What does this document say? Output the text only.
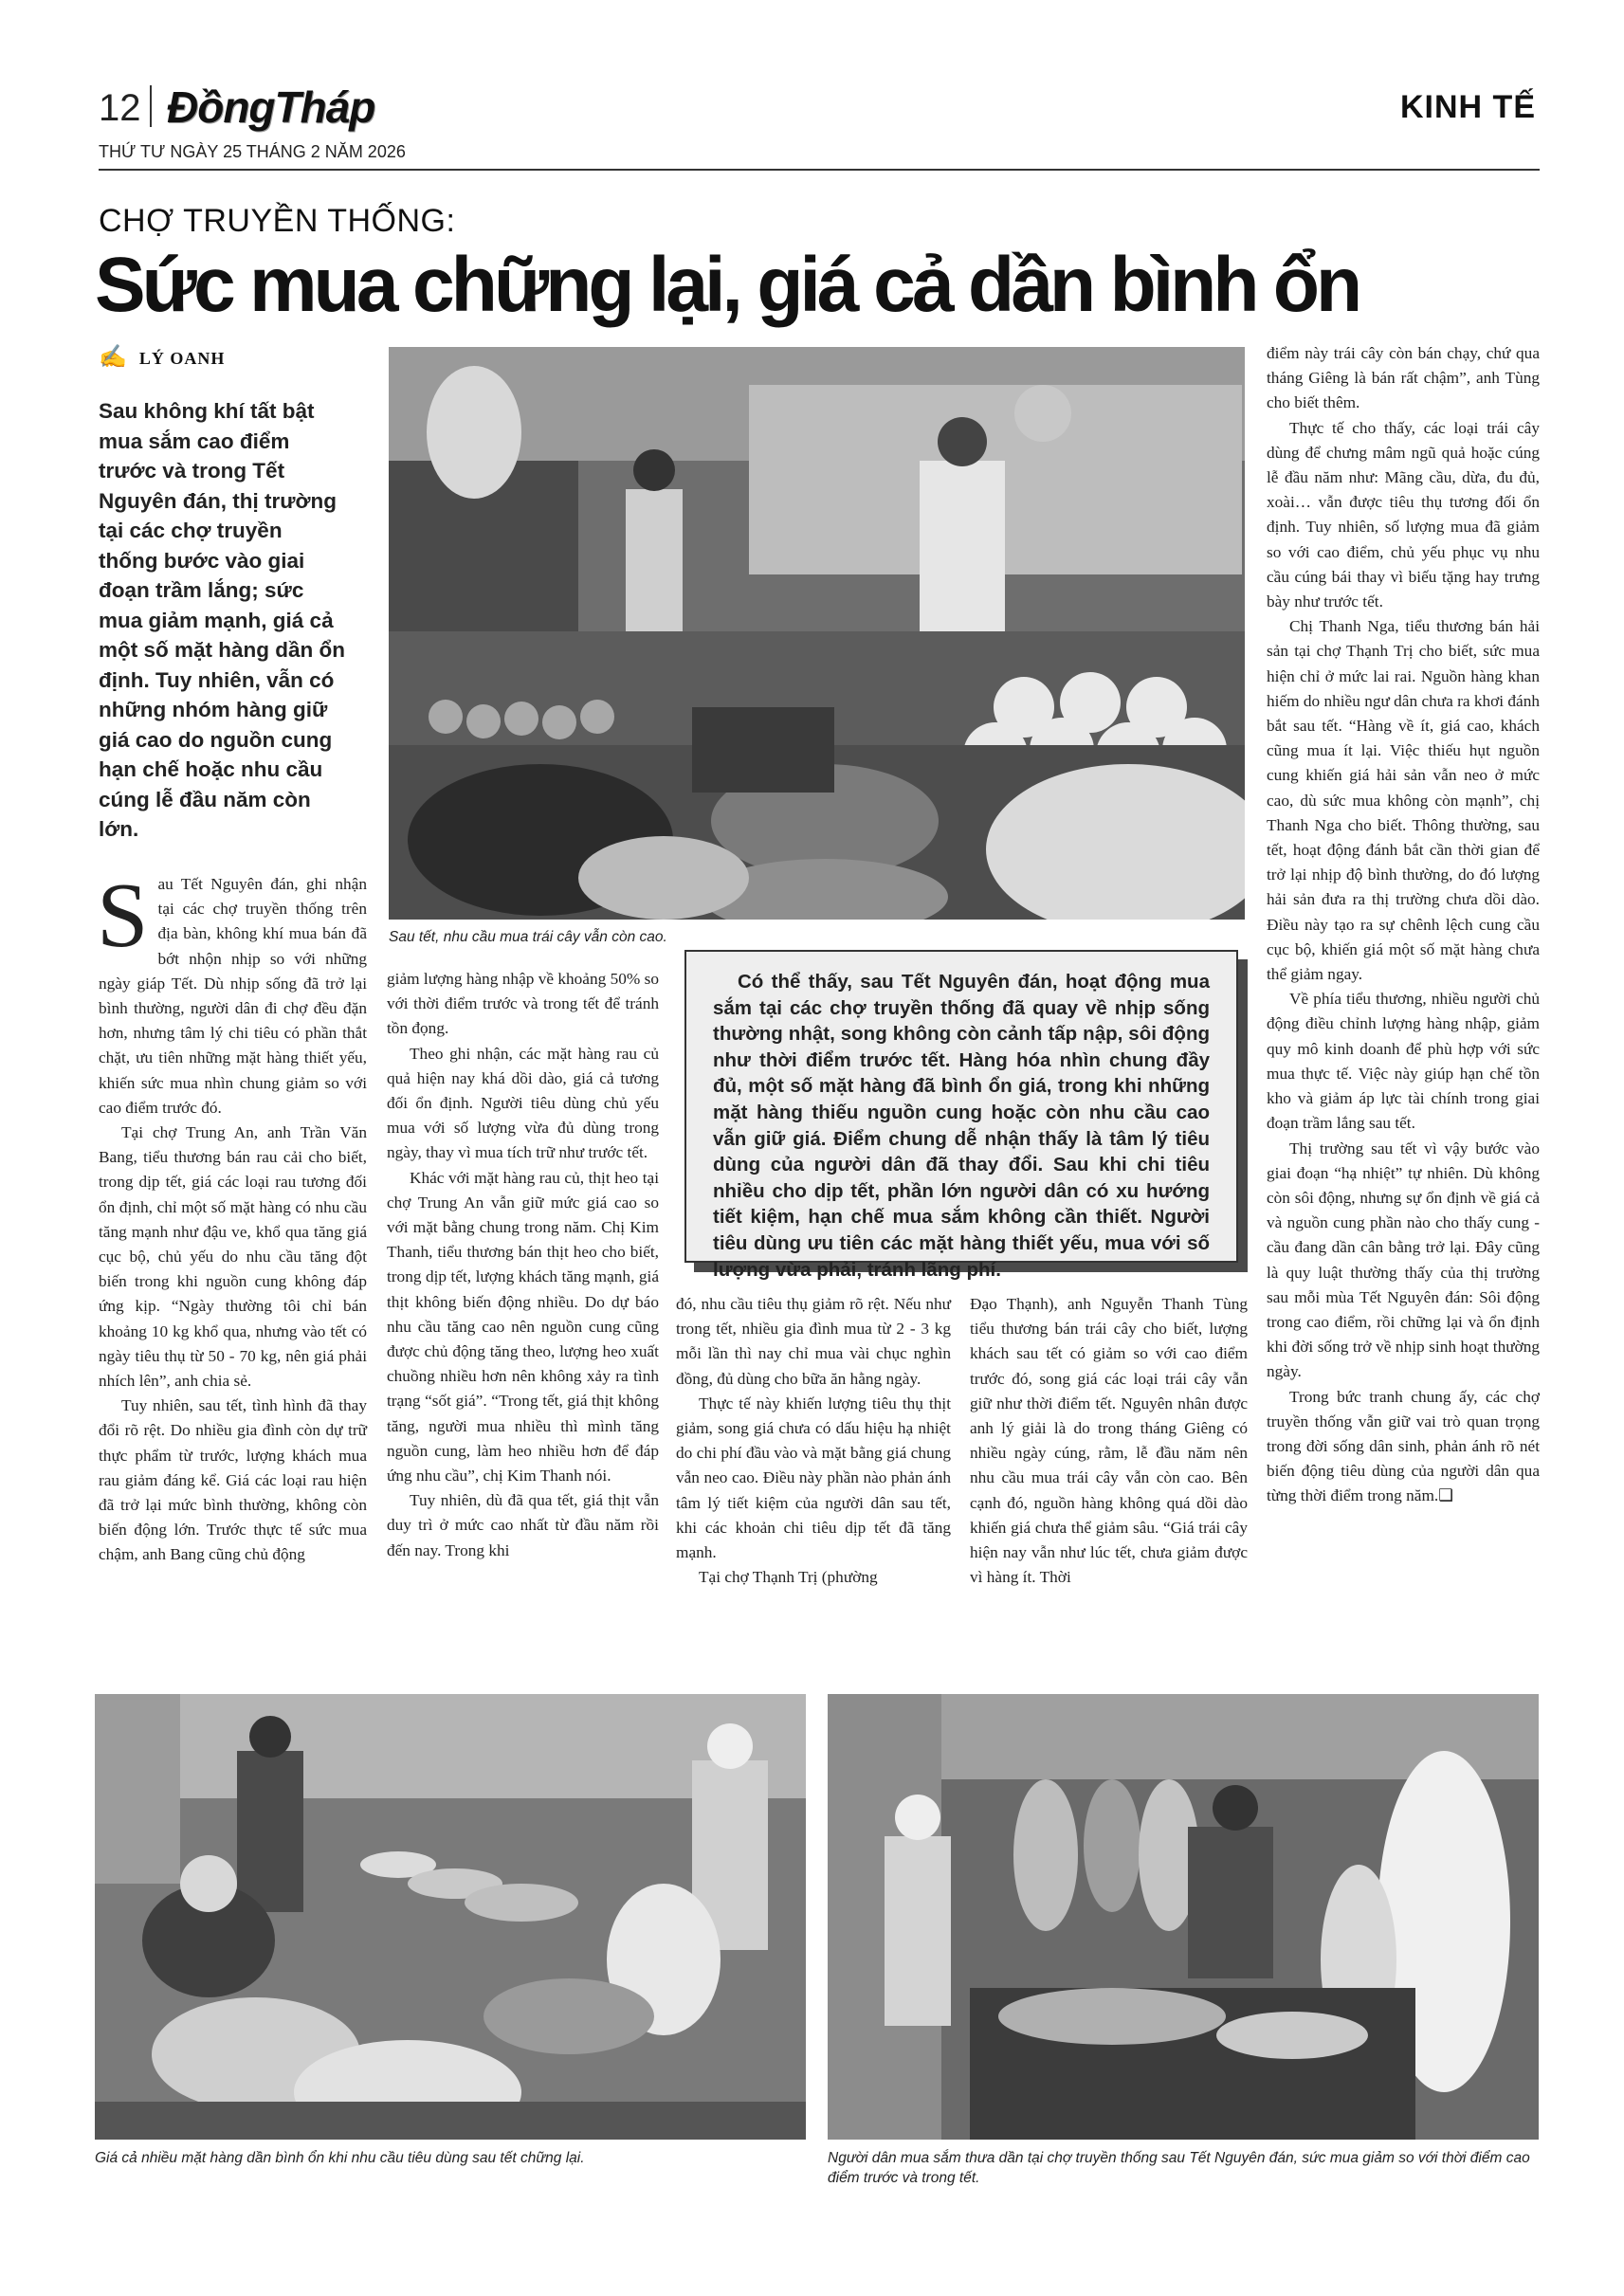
12 ĐồngTháp	KINH TẾ
THỨ TƯ NGÀY 25 THÁNG 2 NĂM 2026
CHỢ TRUYỀN THỐNG:
Sức mua chững lại, giá cả dần bình ổn
✍ LÝ OANH
Sau không khí tất bật mua sắm cao điểm trước và trong Tết Nguyên đán, thị trường tại các chợ truyền thống bước vào giai đoạn trầm lắng; sức mua giảm mạnh, giá cả một số mặt hàng dần ổn định. Tuy nhiên, vẫn có những nhóm hàng giữ giá cao do nguồn cung hạn chế hoặc nhu cầu cúng lễ đầu năm còn lớn.
Sau tết, nhu cầu mua trái cây vẫn còn cao.

Sau Tết Nguyên đán, ghi nhận tại các chợ truyền thống trên địa bàn, không khí mua bán đã bớt nhộn nhịp so với những ngày giáp Tết. Dù nhịp sống đã trở lại bình thường, người dân đi chợ đều đặn hơn, nhưng tâm lý chi tiêu có phần thắt chặt, ưu tiên những mặt hàng thiết yếu, khiến sức mua nhìn chung giảm so với cao điểm trước đó.

Tại chợ Trung An, anh Trần Văn Bang, tiểu thương bán rau cải cho biết, trong dịp tết, giá các loại rau tương đối ổn định, chỉ một số mặt hàng có nhu cầu tăng mạnh như đậu ve, khổ qua tăng giá cục bộ, chủ yếu do nhu cầu tăng đột biến trong khi nguồn cung không đáp ứng kịp. “Ngày thường tôi chỉ bán khoảng 10 kg khổ qua, nhưng vào tết có ngày tiêu thụ từ 50 - 70 kg, nên giá phải nhích lên”, anh chia sẻ.

Tuy nhiên, sau tết, tình hình đã thay đổi rõ rệt. Do nhiều gia đình còn dự trữ thực phẩm từ trước, lượng khách mua rau giảm đáng kể. Giá các loại rau hiện đã trở lại mức bình thường, không còn biến động lớn. Trước thực tế sức mua chậm, anh Bang cũng chủ động

giảm lượng hàng nhập về khoảng 50% so với thời điểm trước và trong tết để tránh tồn đọng.

Theo ghi nhận, các mặt hàng rau củ quả hiện nay khá dồi dào, giá cả tương đối ổn định. Người tiêu dùng chủ yếu mua với số lượng vừa đủ dùng trong ngày, thay vì mua tích trữ như trước tết.

Khác với mặt hàng rau củ, thịt heo tại chợ Trung An vẫn giữ mức giá cao so với mặt bằng chung trong năm. Chị Kim Thanh, tiểu thương bán thịt heo cho biết, trong dịp tết, lượng khách tăng mạnh, giá thịt không biến động nhiều. Do dự báo nhu cầu tăng cao nên nguồn cung cũng được chủ động tăng theo, lượng heo xuất chuồng nhiều hơn nên không xảy ra tình trạng “sốt giá”. “Trong tết, giá thịt không tăng, người mua nhiều thì mình tăng nguồn cung, làm heo nhiều hơn để đáp ứng nhu cầu”, chị Kim Thanh nói.

Tuy nhiên, dù đã qua tết, giá thịt vẫn duy trì ở mức cao nhất từ đầu năm rồi đến nay. Trong khi

Có thể thấy, sau Tết Nguyên đán, hoạt động mua sắm tại các chợ truyền thống đã quay về nhịp sống thường nhật, song không còn cảnh tấp nập, sôi động như thời điểm trước tết. Hàng hóa nhìn chung đầy đủ, một số mặt hàng đã bình ổn giá, trong khi những mặt hàng thiếu nguồn cung hoặc còn nhu cầu cao vẫn giữ giá. Điểm chung dễ nhận thấy là tâm lý tiêu dùng của người dân đã thay đổi. Sau khi chi tiêu nhiều cho dịp tết, phần lớn người dân có xu hướng tiết kiệm, hạn chế mua sắm không cần thiết. Người tiêu dùng ưu tiên các mặt hàng thiết yếu, mua với số lượng vừa phải, tránh lãng phí.

đó, nhu cầu tiêu thụ giảm rõ rệt. Nếu như trong tết, nhiều gia đình mua từ 2 - 3 kg mỗi lần thì nay chỉ mua vài chục nghìn đồng, đủ dùng cho bữa ăn hằng ngày.

Thực tế này khiến lượng tiêu thụ thịt giảm, song giá chưa có dấu hiệu hạ nhiệt do chi phí đầu vào và mặt bằng giá chung vẫn neo cao. Điều này phần nào phản ánh tâm lý tiết kiệm của người dân sau tết, khi các khoản chi tiêu dịp tết đã tăng mạnh.

Tại chợ Thạnh Trị (phường

Đạo Thạnh), anh Nguyễn Thanh Tùng tiểu thương bán trái cây cho biết, lượng khách sau tết có giảm so với cao điểm trước đó, song giá các loại trái cây vẫn giữ như thời điểm tết. Nguyên nhân được anh lý giải là do trong tháng Giêng có nhiều ngày cúng, rằm, lễ đầu năm nên nhu cầu mua trái cây vẫn còn cao. Bên cạnh đó, nguồn hàng không quá dồi dào khiến giá chưa thể giảm sâu. “Giá trái cây hiện nay vẫn như lúc tết, chưa giảm được vì hàng ít. Thời

điểm này trái cây còn bán chạy, chứ qua tháng Giêng là bán rất chậm”, anh Tùng cho biết thêm.

Thực tế cho thấy, các loại trái cây dùng để chưng mâm ngũ quả hoặc cúng lễ đầu năm như: Mãng cầu, dừa, đu đủ, xoài… vẫn được tiêu thụ tương đối ổn định. Tuy nhiên, số lượng mua đã giảm so với cao điểm, chủ yếu phục vụ nhu cầu cúng bái thay vì biếu tặng hay trưng bày như trước tết.

Chị Thanh Nga, tiểu thương bán hải sản tại chợ Thạnh Trị cho biết, sức mua hiện chỉ ở mức lai rai. Nguồn hàng khan hiếm do nhiều ngư dân chưa ra khơi đánh bắt sau tết. “Hàng về ít, giá cao, khách cũng mua ít lại. Việc thiếu hụt nguồn cung khiến giá hải sản vẫn neo ở mức cao, dù sức mua không còn mạnh”, chị Thanh Nga cho biết. Thông thường, sau tết, hoạt động đánh bắt cần thời gian để trở lại nhịp độ bình thường, do đó lượng hải sản đưa ra thị trường chưa dồi dào. Điều này tạo ra sự chênh lệch cung cầu cục bộ, khiến giá một số mặt hàng chưa thể giảm ngay.

Về phía tiểu thương, nhiều người chủ động điều chỉnh lượng hàng nhập, giảm quy mô kinh doanh để phù hợp với sức mua thực tế. Việc này giúp hạn chế tồn kho và giảm áp lực tài chính trong giai đoạn trầm lắng sau tết.

Thị trường sau tết vì vậy bước vào giai đoạn “hạ nhiệt” tự nhiên. Dù không còn sôi động, nhưng sự ổn định về giá cả và nguồn cung phần nào cho thấy cung - cầu đang dần cân bằng trở lại. Đây cũng là quy luật thường thấy của thị trường sau mỗi mùa Tết Nguyên đán: Sôi động trong cao điểm, rồi chững lại và ổn định khi đời sống trở về nhịp sinh hoạt thường ngày.

Trong bức tranh chung ấy, các chợ truyền thống vẫn giữ vai trò quan trọng trong đời sống dân sinh, phản ánh rõ nét biến động tiêu dùng của người dân qua từng thời điểm trong năm.❑

Giá cả nhiều mặt hàng dần bình ổn khi nhu cầu tiêu dùng sau tết chững lại.	Người dân mua sắm thưa dần tại chợ truyền thống sau Tết Nguyên đán, sức mua giảm so với thời điểm cao điểm trước và trong tết.
